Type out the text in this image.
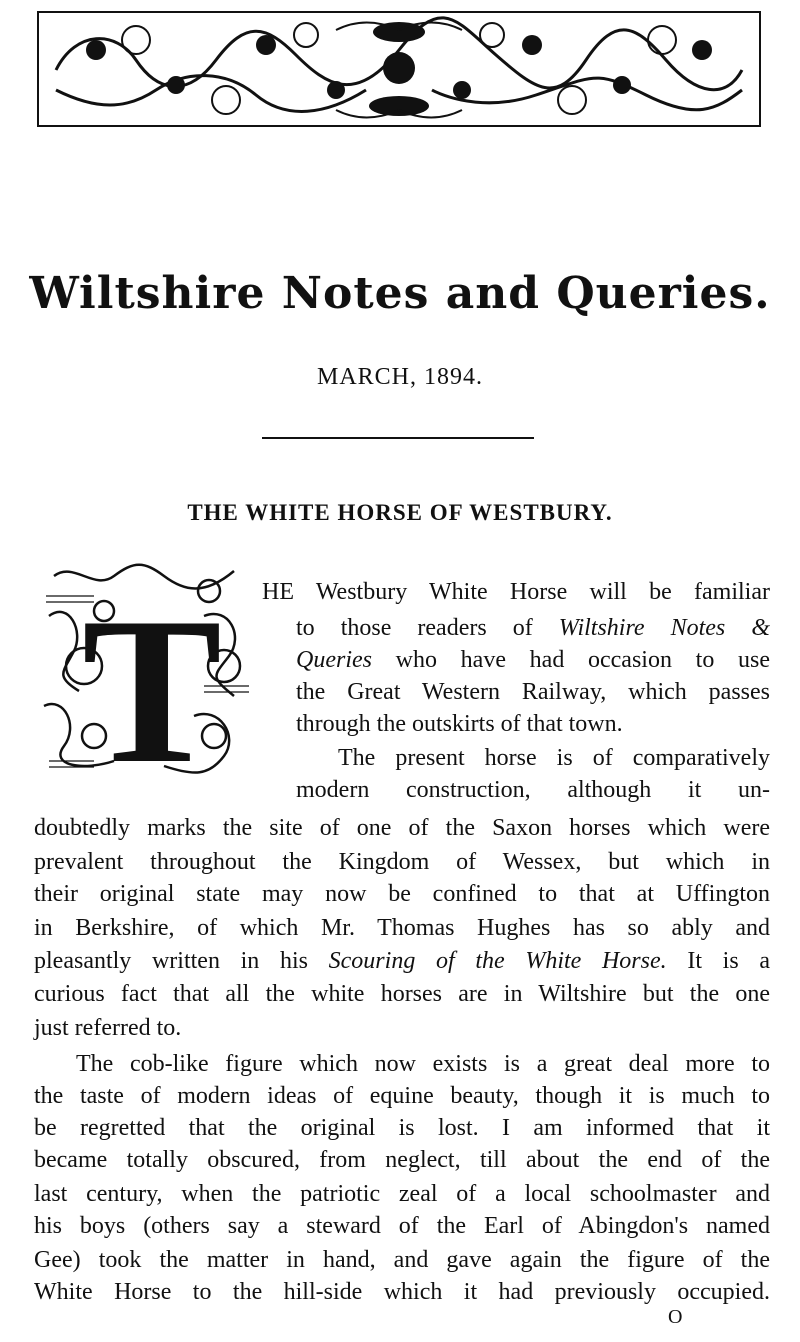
Wiltshire Notes and Queries.
MARCH, 1894.
THE WHITE HORSE OF WESTBURY.
T HE Westbury White Horse will be familiar
to those readers of Wiltshire Notes &
Queries who have had occasion to use
the Great Western Railway, which passes
through the outskirts of that town.
The present horse is of comparatively
modern construction, although it un-
doubtedly marks the site of one of the Saxon horses which were
prevalent throughout the Kingdom of Wessex, but which in
their original state may now be confined to that at Uffington
in Berkshire, of which Mr. Thomas Hughes has so ably and
pleasantly written in his Scouring of the White Horse. It is a
curious fact that all the white horses are in Wiltshire but the one
just referred to.
The cob-like figure which now exists is a great deal more to
the taste of modern ideas of equine beauty, though it is much to
be regretted that the original is lost. I am informed that it
became totally obscured, from neglect, till about the end of the
last century, when the patriotic zeal of a local schoolmaster and
his boys (others say a steward of the Earl of Abingdon's named
Gee) took the matter in hand, and gave again the figure of the
White Horse to the hill-side which it had previously occupied.
O
